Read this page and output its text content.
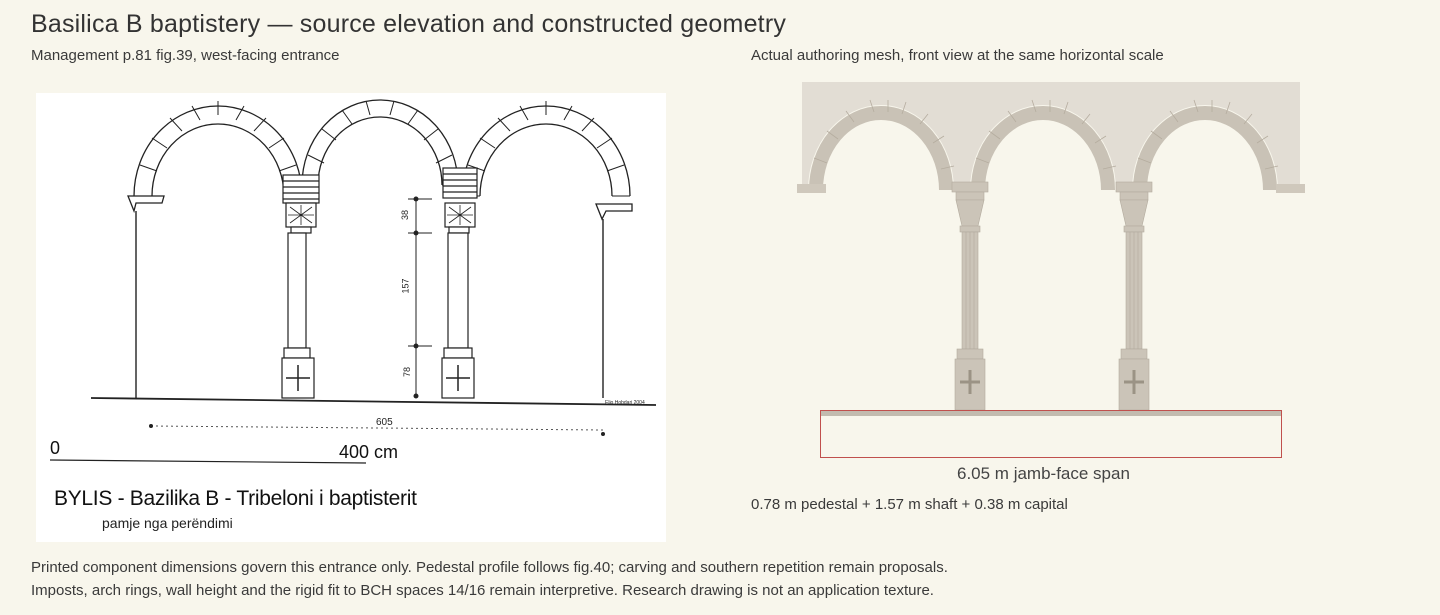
Basilica B baptistery — source elevation and constructed geometry
Management p.81 fig.39, west-facing entrance	Actual authoring mesh, front view at the same horizontal scale
38
157
78
605
Elio Hobdari 2004
0	400 cm
BYLIS - Bazilika B - Tribeloni i baptisterit
pamje nga perëndimi
6.05 m jamb-face span
0.78 m pedestal + 1.57 m shaft + 0.38 m capital
Printed component dimensions govern this entrance only. Pedestal profile follows fig.40; carving and southern repetition remain proposals.
Imposts, arch rings, wall height and the rigid fit to BCH spaces 14/16 remain interpretive. Research drawing is not an application texture.
